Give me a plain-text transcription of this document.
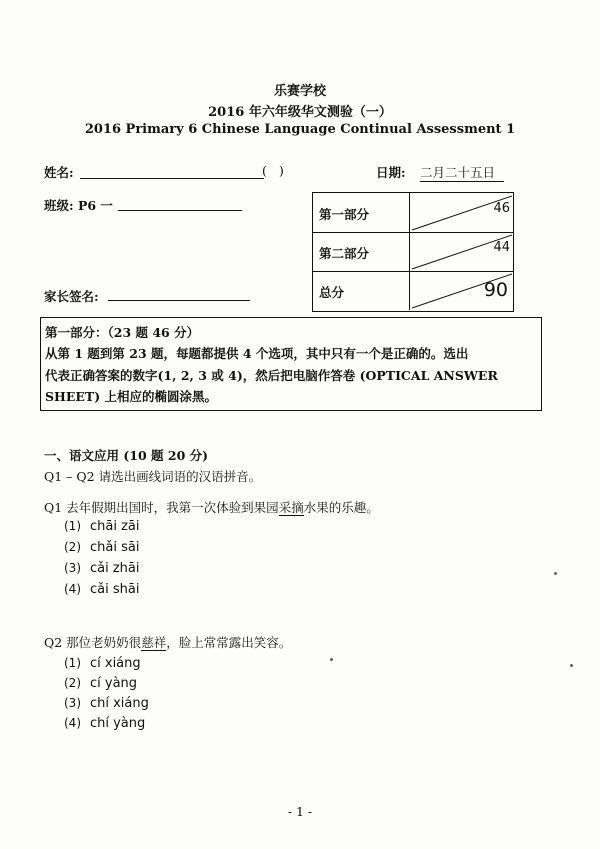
乐赛学校
2016 年六年级华文测验（一）
2016 Primary 6 Chinese Language Continual Assessment 1
姓名:	( )	日期: 二月二十五日
班级: P6 一
家长签名:
第一部分	46
第二部分	44
总分	90
第一部分：（23 题 46 分）
从第 1 题到第 23 题，每题都提供 4 个选项，其中只有一个是正确的。选出
代表正确答案的数字(1, 2, 3 或 4)，然后把电脑作答卷 (OPTICAL ANSWER
SHEET) 上相应的椭圆涂黑。
一、语文应用 (10 题 20 分)
Q1 – Q2 请选出画线词语的汉语拼音。
Q1 去年假期出国时，我第一次体验到果园采摘水果的乐趣。
(1) chāi zāi
(2) chǎi sāi
(3) cǎi zhāi
(4) cǎi shāi
Q2 那位老奶奶很慈祥，脸上常常露出笑容。
(1) cí xiáng
(2) cí yàng
(3) chí xiáng
(4) chí yàng
- 1 -
